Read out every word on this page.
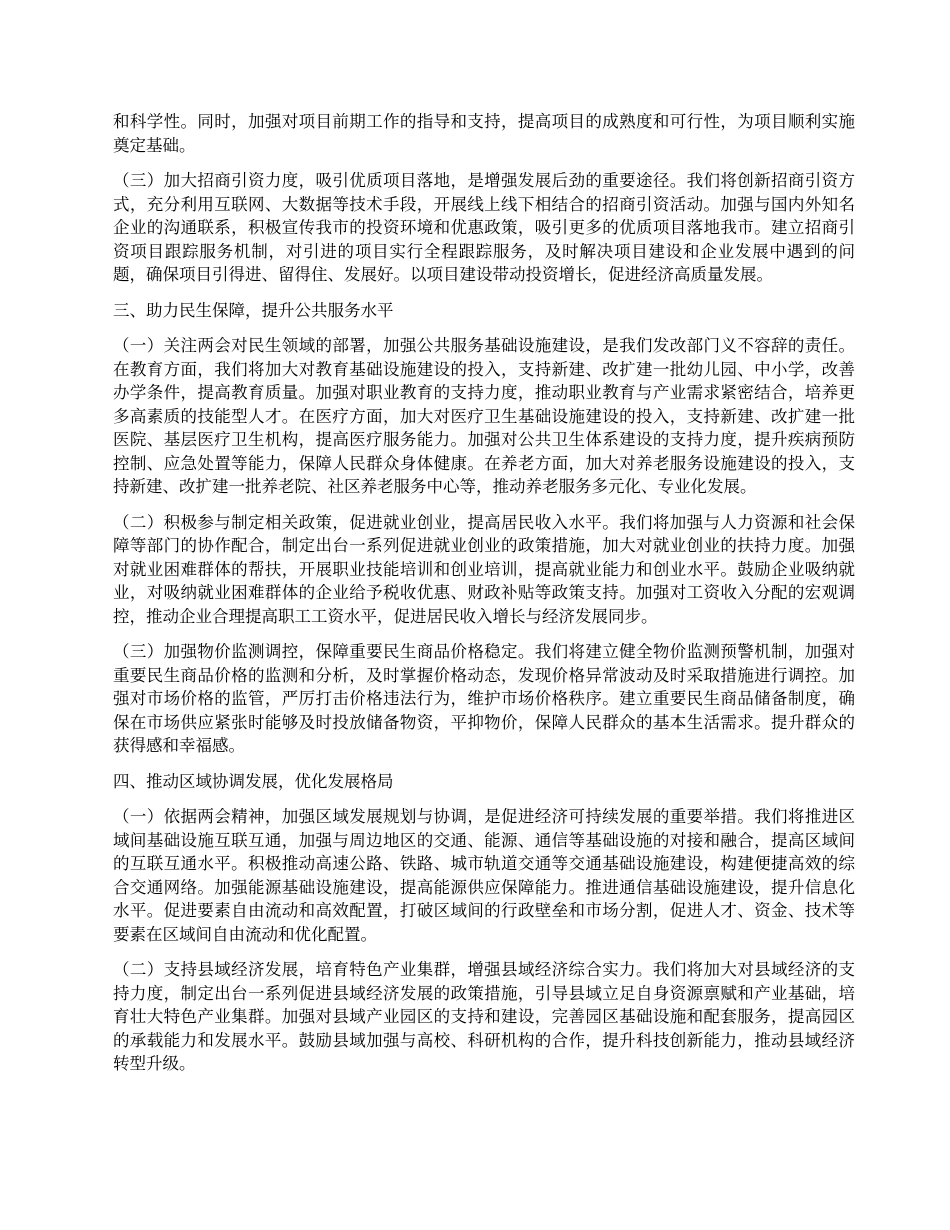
和科学性。同时，加强对项目前期工作的指导和支持，提高项目的成熟度和可行性，为项目顺利实施奠定基础。

（三）加大招商引资力度，吸引优质项目落地，是增强发展后劲的重要途径。我们将创新招商引资方式，充分利用互联网、大数据等技术手段，开展线上线下相结合的招商引资活动。加强与国内外知名企业的沟通联系，积极宣传我市的投资环境和优惠政策，吸引更多的优质项目落地我市。建立招商引资项目跟踪服务机制，对引进的项目实行全程跟踪服务，及时解决项目建设和企业发展中遇到的问题，确保项目引得进、留得住、发展好。以项目建设带动投资增长，促进经济高质量发展。

三、助力民生保障，提升公共服务水平

（一）关注两会对民生领域的部署，加强公共服务基础设施建设，是我们发改部门义不容辞的责任。在教育方面，我们将加大对教育基础设施建设的投入，支持新建、改扩建一批幼儿园、中小学，改善办学条件，提高教育质量。加强对职业教育的支持力度，推动职业教育与产业需求紧密结合，培养更多高素质的技能型人才。在医疗方面，加大对医疗卫生基础设施建设的投入，支持新建、改扩建一批医院、基层医疗卫生机构，提高医疗服务能力。加强对公共卫生体系建设的支持力度，提升疾病预防控制、应急处置等能力，保障人民群众身体健康。在养老方面，加大对养老服务设施建设的投入，支持新建、改扩建一批养老院、社区养老服务中心等，推动养老服务多元化、专业化发展。

（二）积极参与制定相关政策，促进就业创业，提高居民收入水平。我们将加强与人力资源和社会保障等部门的协作配合，制定出台一系列促进就业创业的政策措施，加大对就业创业的扶持力度。加强对就业困难群体的帮扶，开展职业技能培训和创业培训，提高就业能力和创业水平。鼓励企业吸纳就业，对吸纳就业困难群体的企业给予税收优惠、财政补贴等政策支持。加强对工资收入分配的宏观调控，推动企业合理提高职工工资水平，促进居民收入增长与经济发展同步。

（三）加强物价监测调控，保障重要民生商品价格稳定。我们将建立健全物价监测预警机制，加强对重要民生商品价格的监测和分析，及时掌握价格动态，发现价格异常波动及时采取措施进行调控。加强对市场价格的监管，严厉打击价格违法行为，维护市场价格秩序。建立重要民生商品储备制度，确保在市场供应紧张时能够及时投放储备物资，平抑物价，保障人民群众的基本生活需求。提升群众的获得感和幸福感。

四、推动区域协调发展，优化发展格局

（一）依据两会精神，加强区域发展规划与协调，是促进经济可持续发展的重要举措。我们将推进区域间基础设施互联互通，加强与周边地区的交通、能源、通信等基础设施的对接和融合，提高区域间的互联互通水平。积极推动高速公路、铁路、城市轨道交通等交通基础设施建设，构建便捷高效的综合交通网络。加强能源基础设施建设，提高能源供应保障能力。推进通信基础设施建设，提升信息化水平。促进要素自由流动和高效配置，打破区域间的行政壁垒和市场分割，促进人才、资金、技术等要素在区域间自由流动和优化配置。

（二）支持县域经济发展，培育特色产业集群，增强县域经济综合实力。我们将加大对县域经济的支持力度，制定出台一系列促进县域经济发展的政策措施，引导县域立足自身资源禀赋和产业基础，培育壮大特色产业集群。加强对县域产业园区的支持和建设，完善园区基础设施和配套服务，提高园区的承载能力和发展水平。鼓励县域加强与高校、科研机构的合作，提升科技创新能力，推动县域经济转型升级。
